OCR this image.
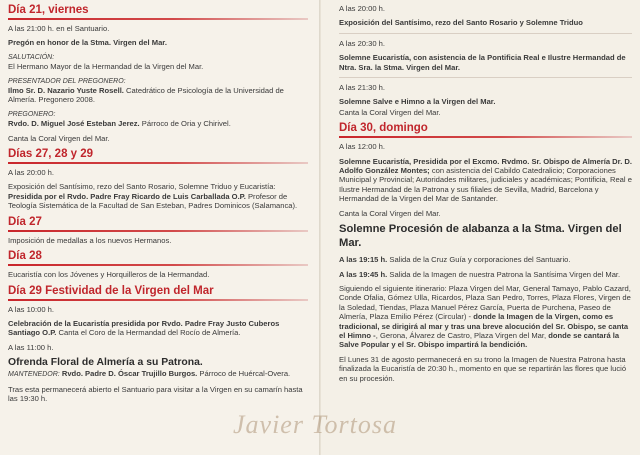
Día 21, viernes
A las 21:00 h. en el Santuario.
Pregón en honor de la Stma. Virgen del Mar.
SALUTACIÓN:
El Hermano Mayor de la Hermandad de la Virgen del Mar.
PRESENTADOR DEL PREGONERO:
Ilmo Sr. D. Nazario Yuste Rosell. Catedrático de Psicología de la Universidad de Almería. Pregonero 2008.
PREGONERO:
Rvdo. D. Miguel José Esteban Jerez. Párroco de Oria y Chirivel.
Canta la Coral Virgen del Mar.
Días 27, 28 y 29
A las 20:00 h.
Exposición del Santísimo, rezo del Santo Rosario, Solemne Triduo y Eucaristía: Presidida por el Rvdo. Padre Fray Ricardo de Luis Carballada O.P. Profesor de Teología Sistemática de la Facultad de San Esteban, Padres Dominicos (Salamanca).
Día 27
Imposición de medallas a los nuevos Hermanos.
Día 28
Eucaristía con los Jóvenes y Horquilleros de la Hermandad.
Día 29 Festividad de la Virgen del Mar
A las 10:00 h.
Celebración de la Eucaristía presidida por Rvdo. Padre Fray Justo Cuberos Santiago O.P. Canta el Coro de la Hermandad del Rocío de Almería.
A las 11:00 h.
Ofrenda Floral de Almería a su Patrona.
MANTENEDOR: Rvdo. Padre D. Óscar Trujillo Burgos. Párroco de Huércal-Overa.
Tras esta permanecerá abierto el Santuario para visitar a la Virgen en su camarín hasta las 19:30 h.
A las 20:00 h.
Exposición del Santísimo, rezo del Santo Rosario y Solemne Triduo
A las 20:30 h.
Solemne Eucaristía, con asistencia de la Pontificia Real e Ilustre Hermandad de Ntra. Sra. la Stma. Virgen del Mar.
A las 21:30 h.
Solemne Salve e Himno a la Virgen del Mar.
Canta la Coral Virgen del Mar.
Día 30, domingo
A las 12:00 h.
Solemne Eucaristía, Presidida por el Excmo. Rvdmo. Sr. Obispo de Almería Dr. D. Adolfo González Montes; con asistencia del Cabildo Catedralicio; Corporaciones Municipal y Provincial; Autoridades militares, judiciales y académicas; Pontificia, Real e Ilustre Hermandad de la Patrona y sus filiales de Sevilla, Madrid, Barcelona y Hermandad de la Virgen del Mar de Santander.
Canta la Coral Virgen del Mar.
Solemne Procesión de alabanza a la Stma. Virgen del Mar.
A las 19:15 h. Salida de la Cruz Guía y corporaciones del Santuario.
A las 19:45 h. Salida de la Imagen de nuestra Patrona la Santísima Virgen del Mar.
Siguiendo el siguiente itinerario: Plaza Virgen del Mar, General Tamayo, Pablo Cazard, Conde Ofalia, Gómez Ulla, Ricardos, Plaza San Pedro, Torres, Plaza Flores, Virgen de la Soledad, Tiendas, Plaza Manuel Pérez García, Puerta de Purchena, Paseo de Almería, Plaza Emilio Pérez (Circular) - donde la Imagen de la Virgen, como es tradicional, se dirigirá al mar y tras una breve alocución del Sr. Obispo, se canta el Himno -, Gerona, Álvarez de Castro, Plaza Virgen del Mar, donde se cantará la Salve Popular y el Sr. Obispo impartirá la bendición.
El Lunes 31 de agosto permanecerá en su trono la Imagen de Nuestra Patrona hasta finalizada la Eucaristía de 20:30 h., momento en que se repartirán las flores que lució en su procesión.
Javier Tortosa
